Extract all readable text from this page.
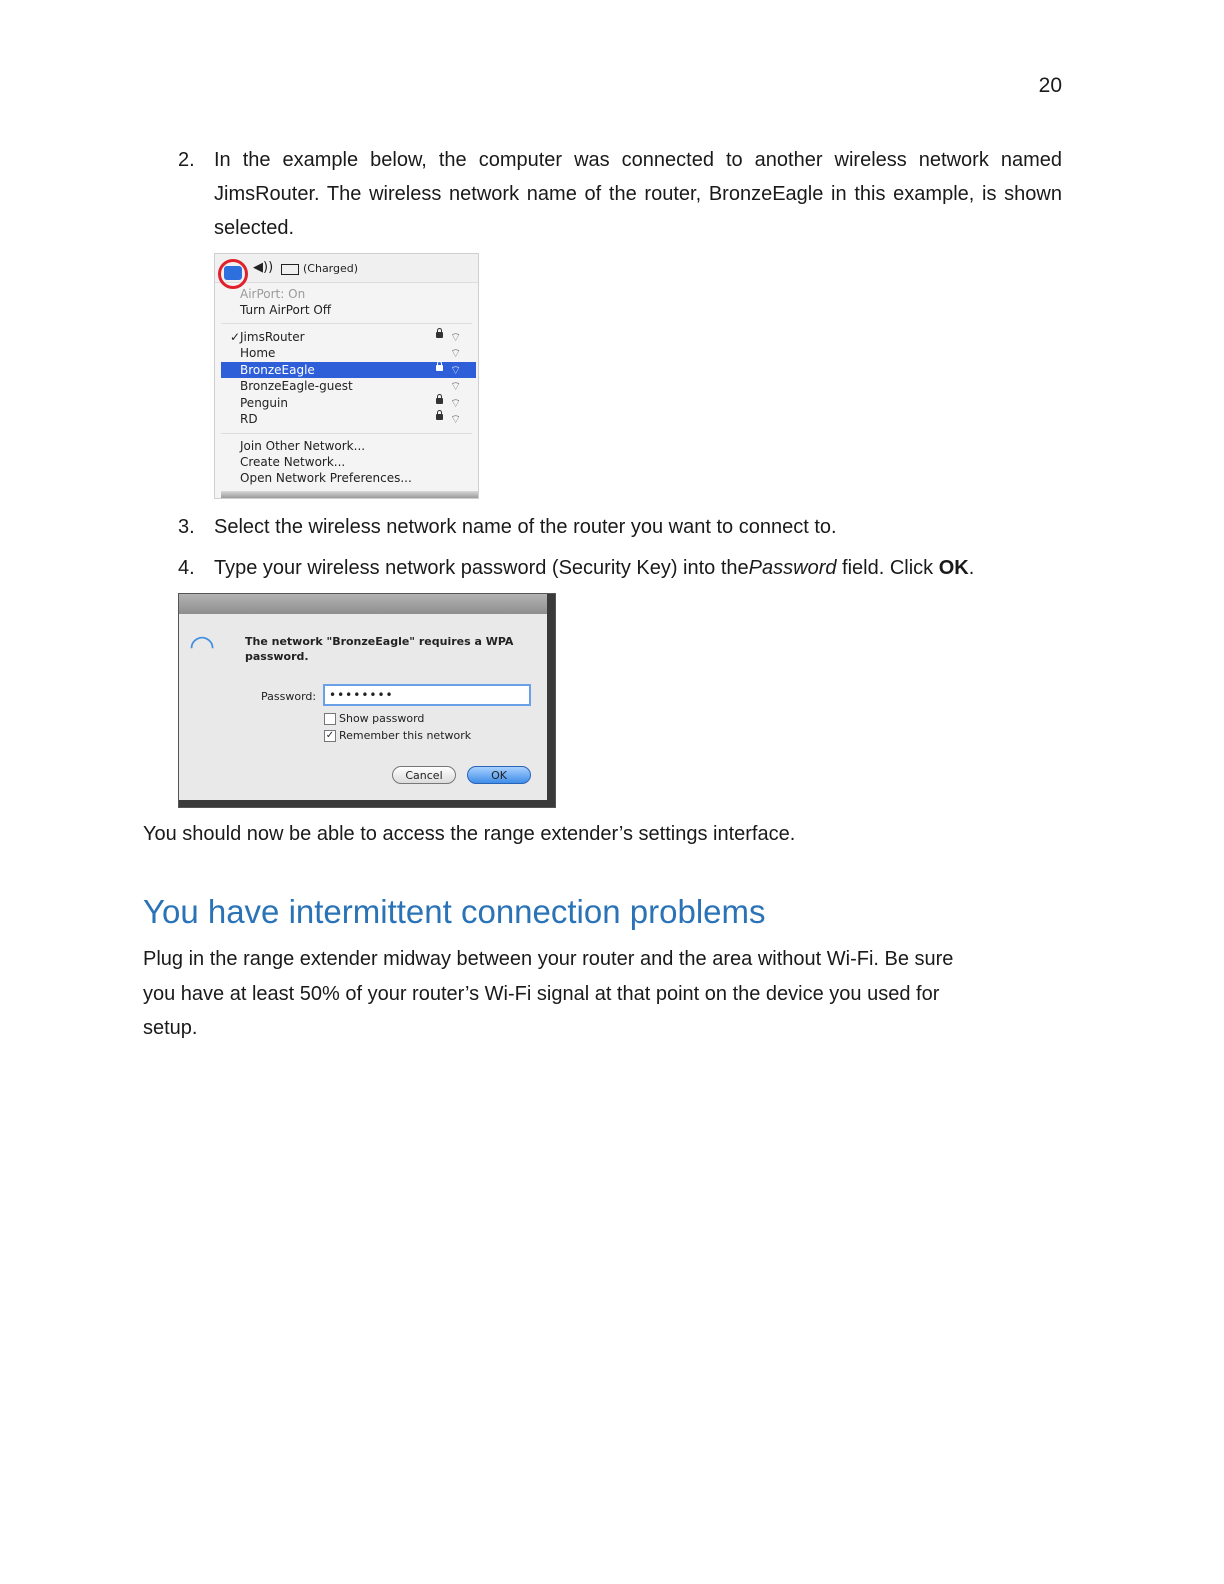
20
2. In the example below, the computer was connected to another wireless network named JimsRouter. The wireless network name of the router, BronzeEagle in this example, is shown selected.
◀))	(Charged)
AirPort: On
Turn AirPort Off
✓ JimsRouter	⌔
Home	⌔
BronzeEagle	⌔
BronzeEagle-guest	⌔
Penguin	⌔
RD	⌔
Join Other Network...
Create Network...
Open Network Preferences...
3. Select the wireless network name of the router you want to connect to.
4. Type your wireless network password (Security Key) into thePassword field. Click OK.
◠	The network "BronzeEagle" requires a WPA password.
Password:	••••••••
Show password
✓ Remember this network
Cancel	OK
You should now be able to access the range extender’s settings interface.
You have intermittent connection problems
Plug in the range extender midway between your router and the area without Wi-Fi. Be sure you have at least 50% of your router’s Wi-Fi signal at that point on the device you used for setup.
